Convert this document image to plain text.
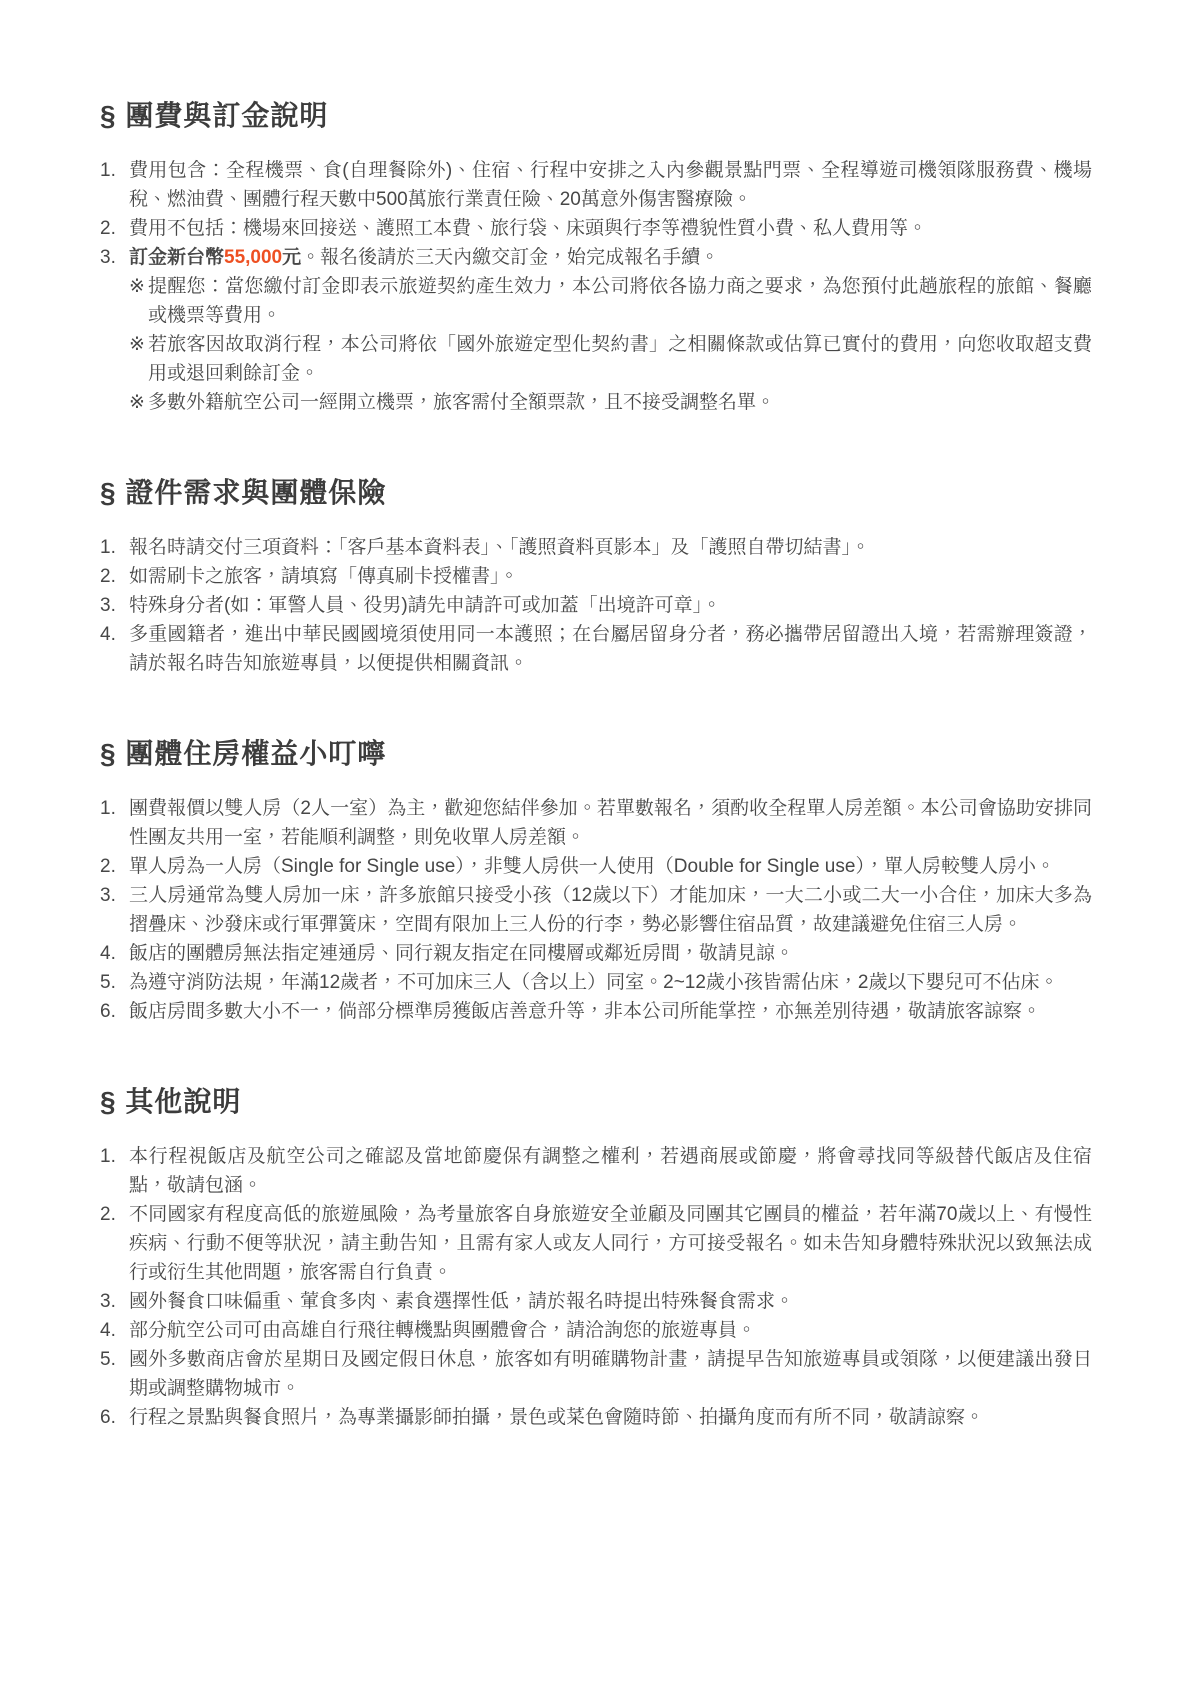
§ 團費與訂金說明
1. 費用包含：全程機票、食(自理餐除外)、住宿、行程中安排之入內參觀景點門票、全程導遊司機領隊服務費、機場稅、燃油費、團體行程天數中500萬旅行業責任險、20萬意外傷害醫療險。
2. 費用不包括：機場來回接送、護照工本費、旅行袋、床頭與行李等禮貌性質小費、私人費用等。
3. 訂金新台幣55,000元。報名後請於三天內繳交訂金，始完成報名手續。
※ 提醒您：當您繳付訂金即表示旅遊契約產生效力，本公司將依各協力商之要求，為您預付此趟旅程的旅館、餐廳或機票等費用。
※ 若旅客因故取消行程，本公司將依「國外旅遊定型化契約書」之相關條款或估算已實付的費用，向您收取超支費用或退回剩餘訂金。
※ 多數外籍航空公司一經開立機票，旅客需付全額票款，且不接受調整名單。
§ 證件需求與團體保險
1. 報名時請交付三項資料：「客戶基本資料表」、「護照資料頁影本」及「護照自帶切結書」。
2. 如需刷卡之旅客，請填寫「傳真刷卡授權書」。
3. 特殊身分者(如：軍警人員、役男)請先申請許可或加蓋「出境許可章」。
4. 多重國籍者，進出中華民國國境須使用同一本護照；在台屬居留身分者，務必攜帶居留證出入境，若需辦理簽證，請於報名時告知旅遊專員，以便提供相關資訊。
§ 團體住房權益小叮嚀
1. 團費報價以雙人房（2人一室）為主，歡迎您結伴參加。若單數報名，須酌收全程單人房差額。本公司會協助安排同性團友共用一室，若能順利調整，則免收單人房差額。
2. 單人房為一人房（Single for Single use），非雙人房供一人使用（Double for Single use），單人房較雙人房小。
3. 三人房通常為雙人房加一床，許多旅館只接受小孩（12歲以下）才能加床，一大二小或二大一小合住，加床大多為摺疊床、沙發床或行軍彈簧床，空間有限加上三人份的行李，勢必影響住宿品質，故建議避免住宿三人房。
4. 飯店的團體房無法指定連通房、同行親友指定在同樓層或鄰近房間，敬請見諒。
5. 為遵守消防法規，年滿12歲者，不可加床三人（含以上）同室。2~12歲小孩皆需佔床，2歲以下嬰兒可不佔床。
6. 飯店房間多數大小不一，倘部分標準房獲飯店善意升等，非本公司所能掌控，亦無差別待遇，敬請旅客諒察。
§ 其他說明
1. 本行程視飯店及航空公司之確認及當地節慶保有調整之權利，若遇商展或節慶，將會尋找同等級替代飯店及住宿點，敬請包涵。
2. 不同國家有程度高低的旅遊風險，為考量旅客自身旅遊安全並顧及同團其它團員的權益，若年滿70歲以上、有慢性疾病、行動不便等狀況，請主動告知，且需有家人或友人同行，方可接受報名。如未告知身體特殊狀況以致無法成行或衍生其他問題，旅客需自行負責。
3. 國外餐食口味偏重、葷食多肉、素食選擇性低，請於報名時提出特殊餐食需求。
4. 部分航空公司可由高雄自行飛往轉機點與團體會合，請洽詢您的旅遊專員。
5. 國外多數商店會於星期日及國定假日休息，旅客如有明確購物計畫，請提早告知旅遊專員或領隊，以便建議出發日期或調整購物城市。
6. 行程之景點與餐食照片，為專業攝影師拍攝，景色或菜色會隨時節、拍攝角度而有所不同，敬請諒察。
